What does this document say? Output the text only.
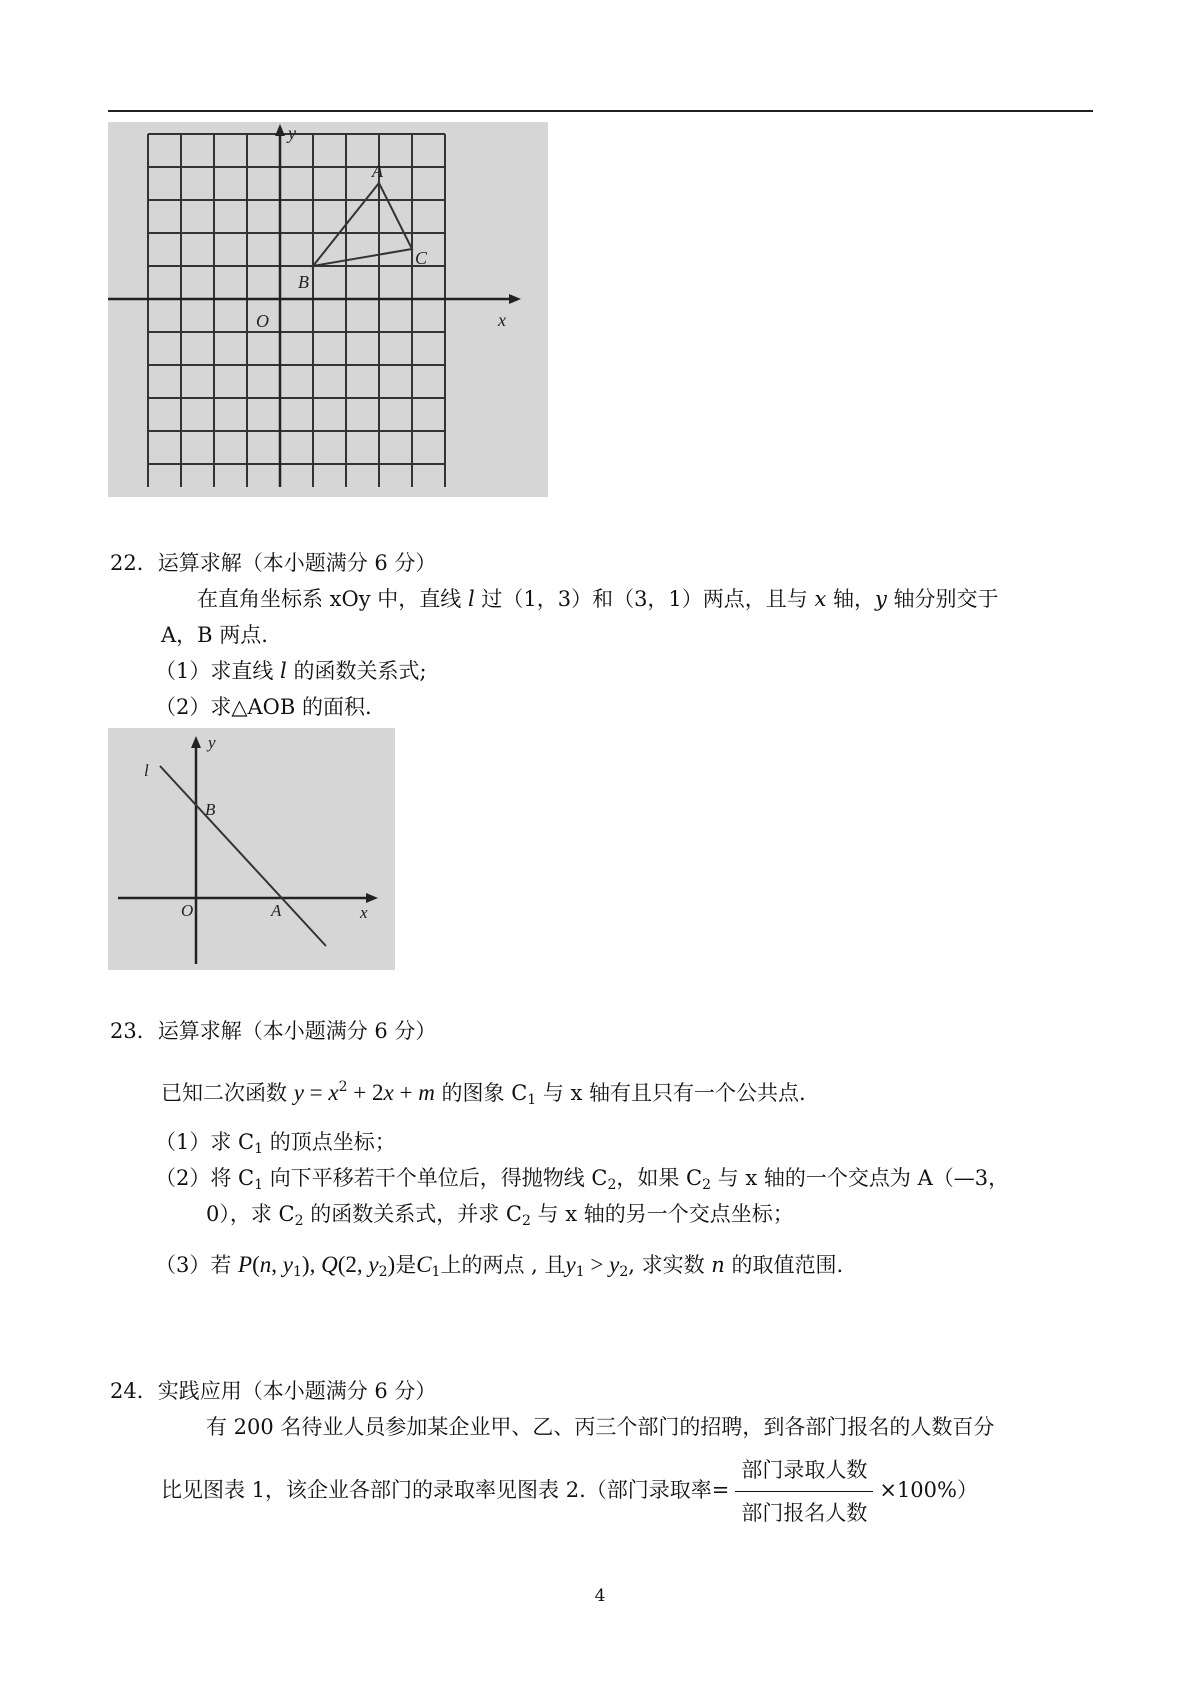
A
B
C
O	x
y
22．运算求解（本小题满分 6 分）
在直角坐标系 xOy 中，直线 l 过（1，3）和（3，1）两点，且与 x 轴，y 轴分别交于
A，B 两点.
（1）求直线 l 的函数关系式;
（2）求△AOB 的面积.
l
B
A
O	x
y
23．运算求解（本小题满分 6 分）
已知二次函数 $y = x^2 + 2x + m$ 的图象 $C_1$ 与 x 轴有且只有一个公共点.
（1）求 $C_1$ 的顶点坐标；
（2）将 $C_1$ 向下平移若干个单位后，得抛物线 $C_2$，如果 $C_2$ 与 x 轴的一个交点为 A（—3，
0），求 $C_2$ 的函数关系式，并求 $C_2$ 与 x 轴的另一个交点坐标；
（3）若 P(n, $y_1$), Q(2, $y_2$)是$C_1$上的两点 , 且$y_1 > y_2$, 求实数 n 的取值范围.
24．实践应用（本小题满分 6 分）
有 200 名待业人员参加某企业甲、乙、丙三个部门的招聘，到各部门报名的人数百分
比见图表 1，该企业各部门的录取率见图表 2.（部门录取率= $\frac{\text{部门录取人数}}{\text{部门报名人数}} \times 100\%$）
4
